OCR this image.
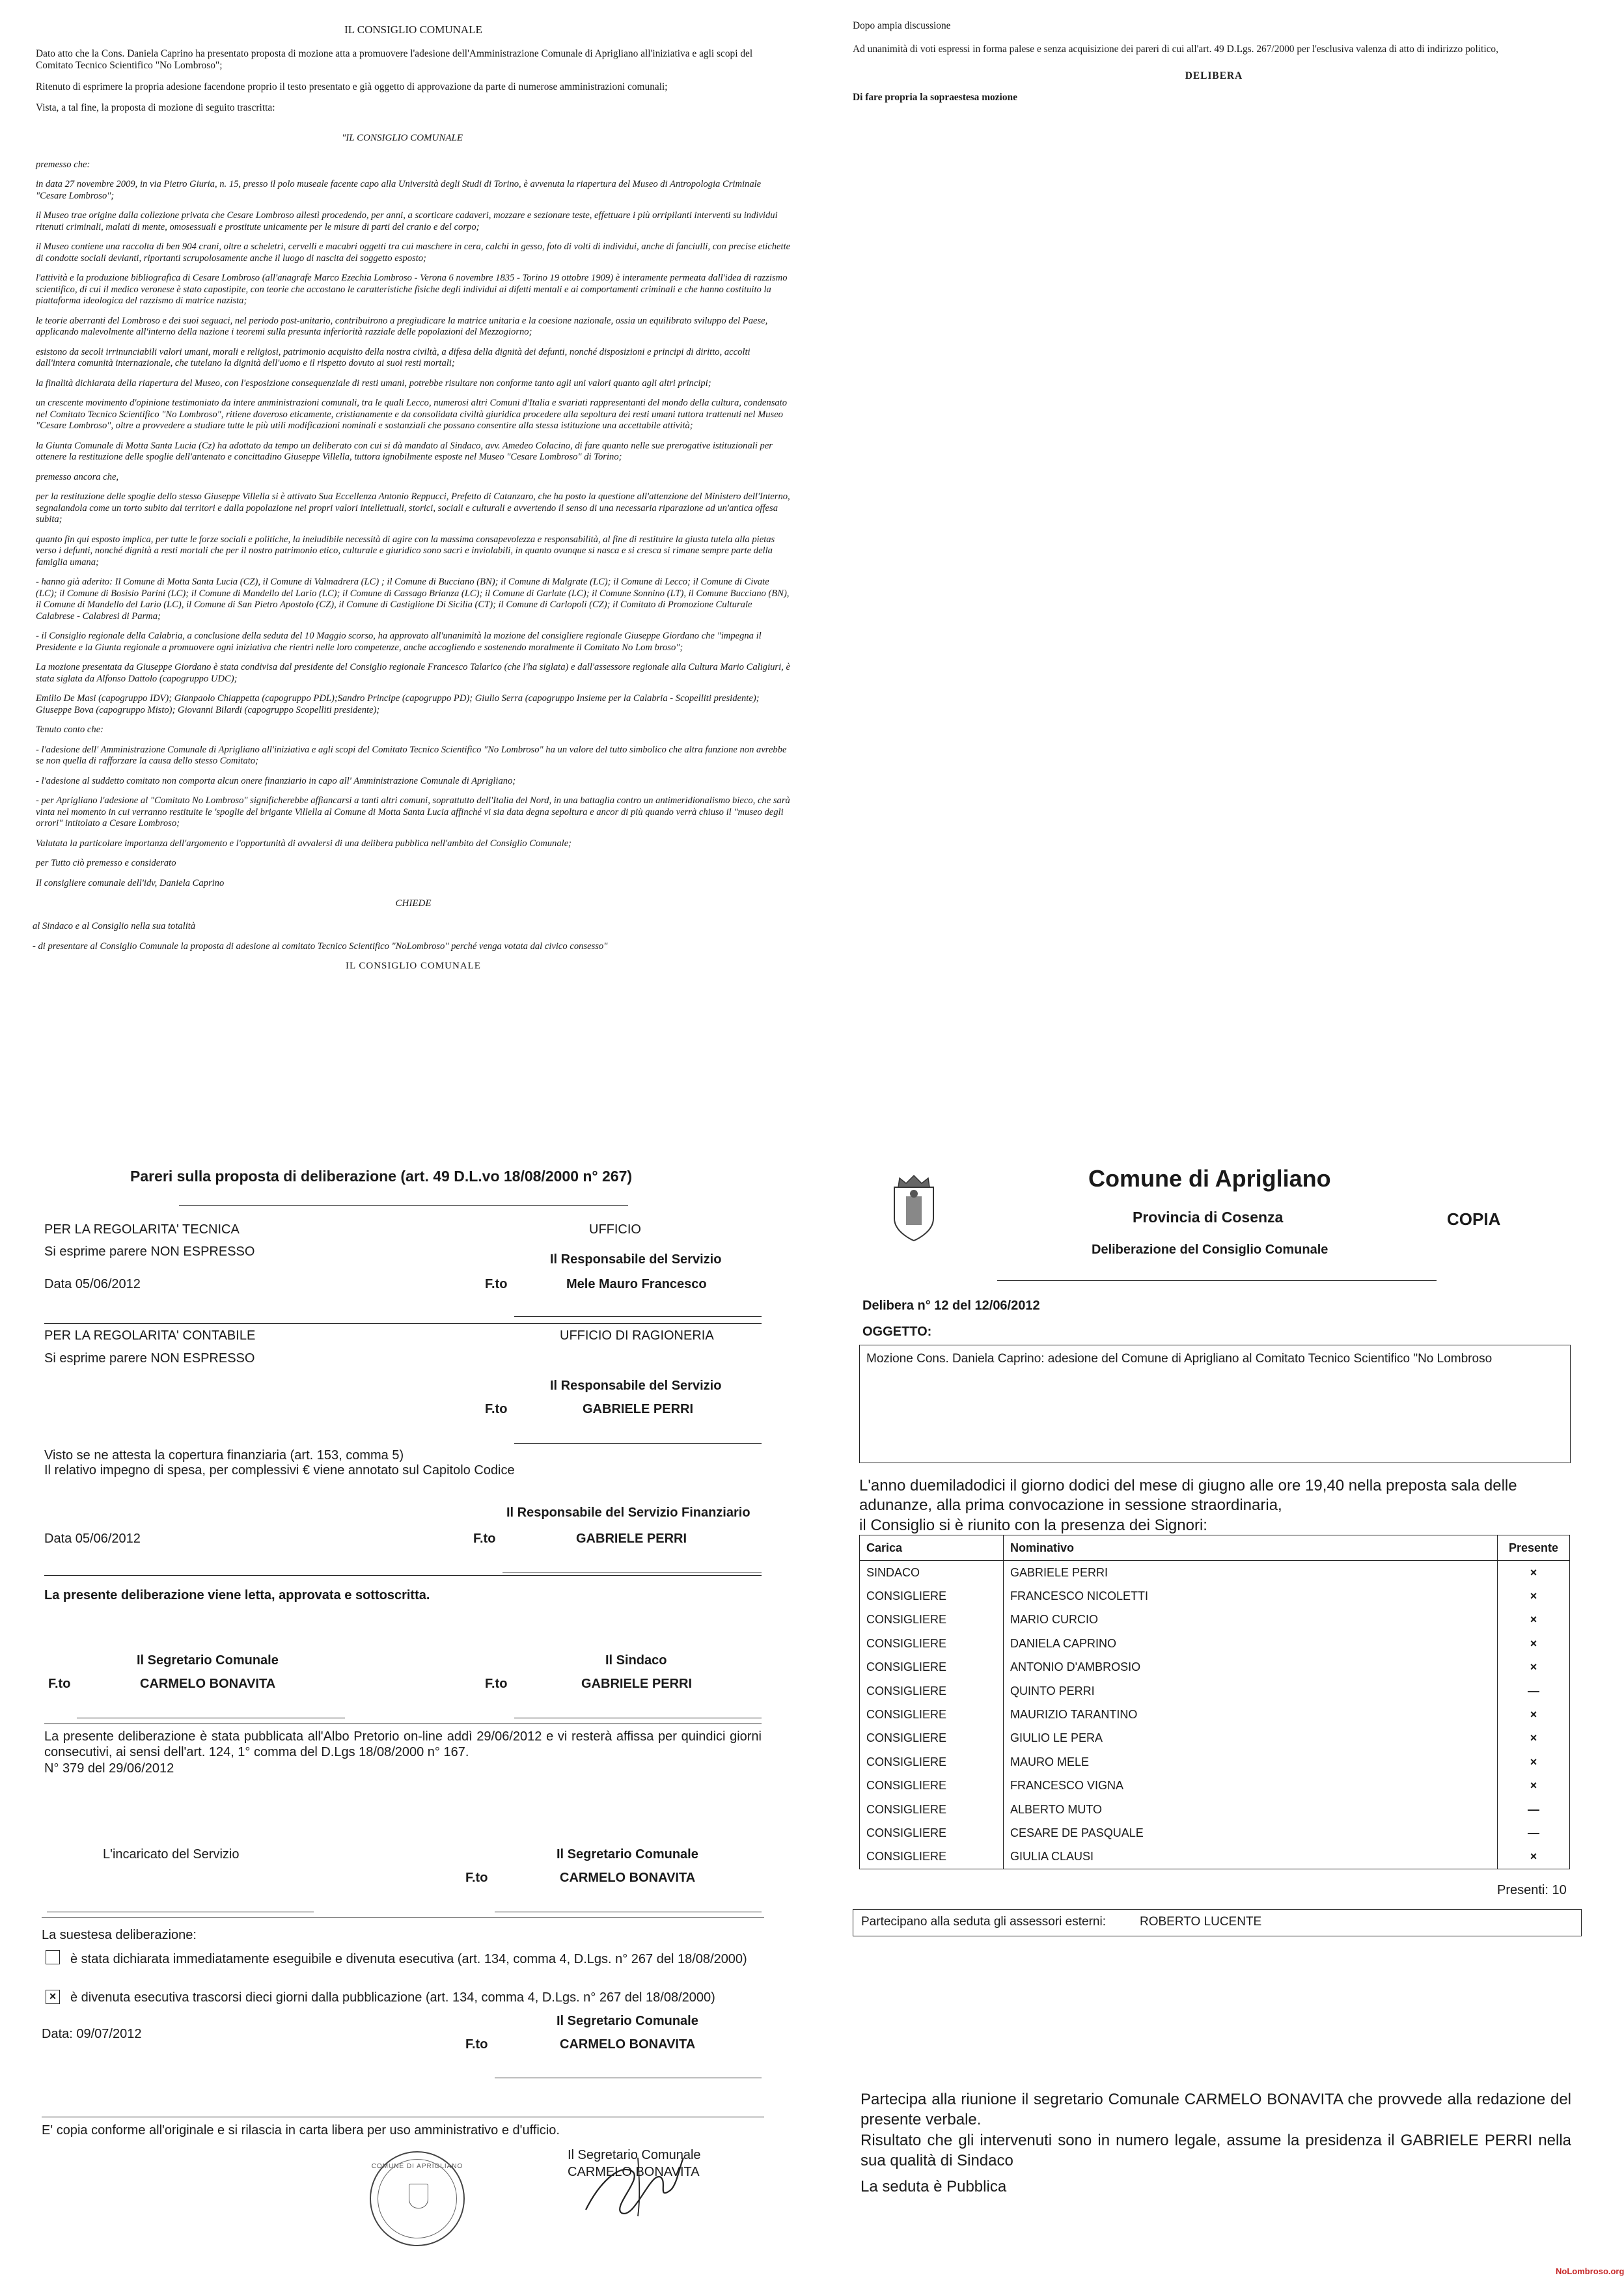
IL CONSIGLIO COMUNALE

Dato atto che la Cons. Daniela Caprino ha presentato proposta di mozione atta a promuovere l'adesione dell'Amministrazione Comunale di Aprigliano all'iniziativa e agli scopi del Comitato Tecnico Scientifico "No Lombroso";

Ritenuto di esprimere la propria adesione facendone proprio il testo presentato e già oggetto di approvazione da parte di numerose amministrazioni comunali;

Vista, a tal fine, la proposta di mozione di seguito trascritta:

"IL CONSIGLIO COMUNALE

premesso che:

in data 27 novembre 2009, in via Pietro Giuria, n. 15, presso il polo museale facente capo alla Università degli Studi di Torino, è avvenuta la riapertura del Museo di Antropologia Criminale "Cesare Lombroso";

il Museo trae origine dalla collezione privata che Cesare Lombroso allestì procedendo, per anni, a scorticare cadaveri, mozzare e sezionare teste, effettuare i più orripilanti interventi su individui ritenuti criminali, malati di mente, omosessuali e prostitute unicamente per le misure di parti del cranio e del corpo;

il Museo contiene una raccolta di ben 904 crani, oltre a scheletri, cervelli e macabri oggetti tra cui maschere in cera, calchi in gesso, foto di volti di individui, anche di fanciulli, con precise etichette di condotte sociali devianti, riportanti scrupolosamente anche il luogo di nascita del soggetto esposto;

l'attività e la produzione bibliografica di Cesare Lombroso (all'anagrafe Marco Ezechia Lombroso - Verona 6 novembre 1835 - Torino 19 ottobre 1909) è interamente permeata dall'idea di razzismo scientifico, di cui il medico veronese è stato capostipite, con teorie che accostano le caratteristiche fisiche degli individui ai difetti mentali e ai comportamenti criminali e che hanno costituito la piattaforma ideologica del razzismo di matrice nazista;

le teorie aberranti del Lombroso e dei suoi seguaci, nel periodo post-unitario, contribuirono a pregiudicare la matrice unitaria e la coesione nazionale, ossia un equilibrato sviluppo del Paese, applicando malevolmente all'interno della nazione i teoremi sulla presunta inferiorità razziale delle popolazioni del Mezzogiorno;

esistono da secoli irrinunciabili valori umani, morali e religiosi, patrimonio acquisito della nostra civiltà, a difesa della dignità dei defunti, nonché disposizioni e principi di diritto, accolti dall'intera comunità internazionale, che tutelano la dignità dell'uomo e il rispetto dovuto ai suoi resti mortali;

la finalità dichiarata della riapertura del Museo, con l'esposizione consequenziale di resti umani, potrebbe risultare non conforme tanto agli uni valori quanto agli altri principi;

un crescente movimento d'opinione testimoniato da intere amministrazioni comunali, tra le quali Lecco, numerosi altri Comuni d'Italia e svariati rappresentanti del mondo della cultura, condensato nel Comitato Tecnico Scientifico "No Lombroso", ritiene doveroso eticamente, cristianamente e da consolidata civiltà giuridica procedere alla sepoltura dei resti umani tuttora trattenuti nel Museo "Cesare Lombroso", oltre a provvedere a studiare tutte le più utili modificazioni nominali e sostanziali che possano consentire alla stessa istituzione una accettabile attività;

la Giunta Comunale di Motta Santa Lucia (Cz) ha adottato da tempo un deliberato con cui si dà mandato al Sindaco, avv. Amedeo Colacino, di fare quanto nelle sue prerogative istituzionali per ottenere la restituzione delle spoglie dell'antenato e concittadino Giuseppe Villella, tuttora ignobilmente esposte nel Museo "Cesare Lombroso" di Torino;

premesso ancora che,

per la restituzione delle spoglie dello stesso Giuseppe Villella si è attivato Sua Eccellenza Antonio Reppucci, Prefetto di Catanzaro, che ha posto la questione all'attenzione del Ministero dell'Interno, segnalandola come un torto subito dai territori e dalla popolazione nei propri valori intellettuali, storici, sociali e culturali e avvertendo il senso di una necessaria riparazione ad un'antica offesa subita;

quanto fin qui esposto implica, per tutte le forze sociali e politiche, la ineludibile necessità di agire con la massima consapevolezza e responsabilità, al fine di restituire la giusta tutela alla pietas verso i defunti, nonché dignità a resti mortali che per il nostro patrimonio etico, culturale e giuridico sono sacri e inviolabili, in quanto ovunque si nasca e si cresca si rimane sempre parte della famiglia umana;

- hanno già aderito: Il Comune di Motta Santa Lucia (CZ), il Comune di Valmadrera (LC) ; il Comune di Bucciano (BN); il Comune di Malgrate (LC); il Comune di Lecco; il Comune di Civate (LC); il Comune di Bosisio Parini (LC); il Comune di Mandello del Lario (LC); il Comune di Cassago Brianza (LC); il Comune di Garlate (LC); il Comune Sonnino (LT), il Comune Bucciano (BN), il Comune di Mandello del Lario (LC), il Comune di San Pietro Apostolo (CZ), il Comune di Castiglione Di Sicilia (CT); il Comune di Carlopoli (CZ); il Comitato di Promozione Culturale Calabrese - Calabresi di Parma;

- il Consiglio regionale della Calabria, a conclusione della seduta del 10 Maggio scorso, ha approvato all'unanimità la mozione del consigliere regionale Giuseppe Giordano che "impegna il Presidente e la Giunta regionale a promuovere ogni iniziativa che rientri nelle loro competenze, anche accogliendo e sostenendo moralmente il Comitato No Lom broso";

La mozione presentata da Giuseppe Giordano è stata condivisa dal presidente del Consiglio regionale Francesco Talarico (che l'ha siglata) e dall'assessore regionale alla Cultura Mario Caligiuri, è stata siglata da Alfonso Dattolo (capogruppo UDC);

Emilio De Masi (capogruppo IDV); Gianpaolo Chiappetta (capogruppo PDL);Sandro Principe (capogruppo PD); Giulio Serra (capogruppo Insieme per la Calabria - Scopelliti presidente); Giuseppe Bova (capogruppo Misto); Giovanni Bilardi (capogruppo Scopelliti presidente);

Tenuto conto che:

- l'adesione dell' Amministrazione Comunale di Aprigliano all'iniziativa e agli scopi del Comitato Tecnico Scientifico "No Lombroso" ha un valore del tutto simbolico che altra funzione non avrebbe se non quella di rafforzare la causa dello stesso Comitato;

- l'adesione al suddetto comitato non comporta alcun onere finanziario in capo all' Amministrazione Comunale di Aprigliano;

- per Aprigliano l'adesione al "Comitato No Lombroso" significherebbe affiancarsi a tanti altri comuni, soprattutto dell'Italia del Nord, in una battaglia contro un antimeridionalismo bieco, che sarà vinta nel momento in cui verranno restituite le 'spoglie del brigante Villella al Comune di Motta Santa Lucia affinché vi sia data degna sepoltura e ancor di più quando verrà chiuso il "museo degli orrori" intitolato a Cesare Lombroso;

Valutata la particolare importanza dell'argomento e l'opportunità di avvalersi di una delibera pubblica nell'ambito del Consiglio Comunale;

per Tutto ciò premesso e considerato

Il consigliere comunale dell'idv, Daniela Caprino

CHIEDE

al Sindaco e al Consiglio nella sua totalità

- di presentare al Consiglio Comunale la proposta di adesione al comitato Tecnico Scientifico "NoLombroso" perché venga votata dal civico consesso"

IL CONSIGLIO COMUNALE

Dopo ampia discussione

Ad unanimità di voti espressi in forma palese e senza acquisizione dei pareri di cui all'art. 49 D.Lgs. 267/2000 per l'esclusiva valenza di atto di indirizzo politico,

DELIBERA

Di fare propria la sopraestesa mozione

Pareri sulla proposta di deliberazione (art. 49 D.L.vo 18/08/2000 n° 267)
PER LA REGOLARITA' TECNICA	UFFICIO
Si esprime parere NON ESPRESSO
Il Responsabile del Servizio
Data 05/06/2012	F.to	Mele Mauro Francesco
PER LA REGOLARITA' CONTABILE	UFFICIO DI RAGIONERIA
Si esprime parere NON ESPRESSO
Il Responsabile del Servizio
F.to	GABRIELE PERRI
Visto se ne attesta la copertura finanziaria (art. 153, comma 5)
Il relativo impegno di spesa, per complessivi € viene annotato sul Capitolo Codice
Il Responsabile del Servizio Finanziario
Data 05/06/2012	F.to	GABRIELE PERRI
La presente deliberazione viene letta, approvata e sottoscritta.
Il Segretario Comunale	Il Sindaco
F.to	CARMELO BONAVITA	F.to	GABRIELE PERRI
La presente deliberazione è stata pubblicata all'Albo Pretorio on-line addì 29/06/2012 e vi resterà affissa per quindici giorni consecutivi, ai sensi dell'art. 124, 1° comma del D.Lgs 18/08/2000 n° 167.
N° 379 del 29/06/2012
L'incaricato del Servizio	Il Segretario Comunale
F.to	CARMELO BONAVITA
La suestesa deliberazione:
è stata dichiarata immediatamente eseguibile e divenuta esecutiva (art. 134, comma 4, D.Lgs. n° 267 del 18/08/2000)
× è divenuta esecutiva trascorsi dieci giorni dalla pubblicazione (art. 134, comma 4, D.Lgs. n° 267 del 18/08/2000)
Il Segretario Comunale
Data: 09/07/2012
F.to	CARMELO BONAVITA
E' copia conforme all'originale e si rilascia in carta libera per uso amministrativo e d'ufficio.
COMUNE DI APRIGLIANO
Il Segretario Comunale
CARMELO BONAVITA
Comune di Aprigliano
Provincia di Cosenza	COPIA
Deliberazione del Consiglio Comunale
Delibera n° 12 del 12/06/2012
OGGETTO:
Mozione Cons. Daniela Caprino: adesione del Comune di Aprigliano al Comitato Tecnico Scientifico "No Lombroso
L'anno duemiladodici il giorno dodici del mese di giugno alle ore 19,40 nella preposta sala delle adunanze, alla prima convocazione in sessione straordinaria,
il Consiglio si è riunito con la presenza dei Signori:
Carica	Nominativo	Presente
SINDACO	GABRIELE PERRI	×
CONSIGLIERE	FRANCESCO NICOLETTI	×
CONSIGLIERE	MARIO CURCIO	×
CONSIGLIERE	DANIELA CAPRINO	×
CONSIGLIERE	ANTONIO D'AMBROSIO	×
CONSIGLIERE	QUINTO PERRI	—
CONSIGLIERE	MAURIZIO TARANTINO	×
CONSIGLIERE	GIULIO LE PERA	×
CONSIGLIERE	MAURO MELE	×
CONSIGLIERE	FRANCESCO VIGNA	×
CONSIGLIERE	ALBERTO MUTO	—
CONSIGLIERE	CESARE DE PASQUALE	—
CONSIGLIERE	GIULIA CLAUSI	×
Presenti: 10
Partecipano alla seduta gli assessori esterni:	ROBERTO LUCENTE
Partecipa alla riunione il segretario Comunale CARMELO BONAVITA che provvede alla redazione del presente verbale.
Risultato che gli intervenuti sono in numero legale, assume la presidenza il GABRIELE PERRI nella sua qualità di Sindaco
La seduta è Pubblica
NoLombroso.org
